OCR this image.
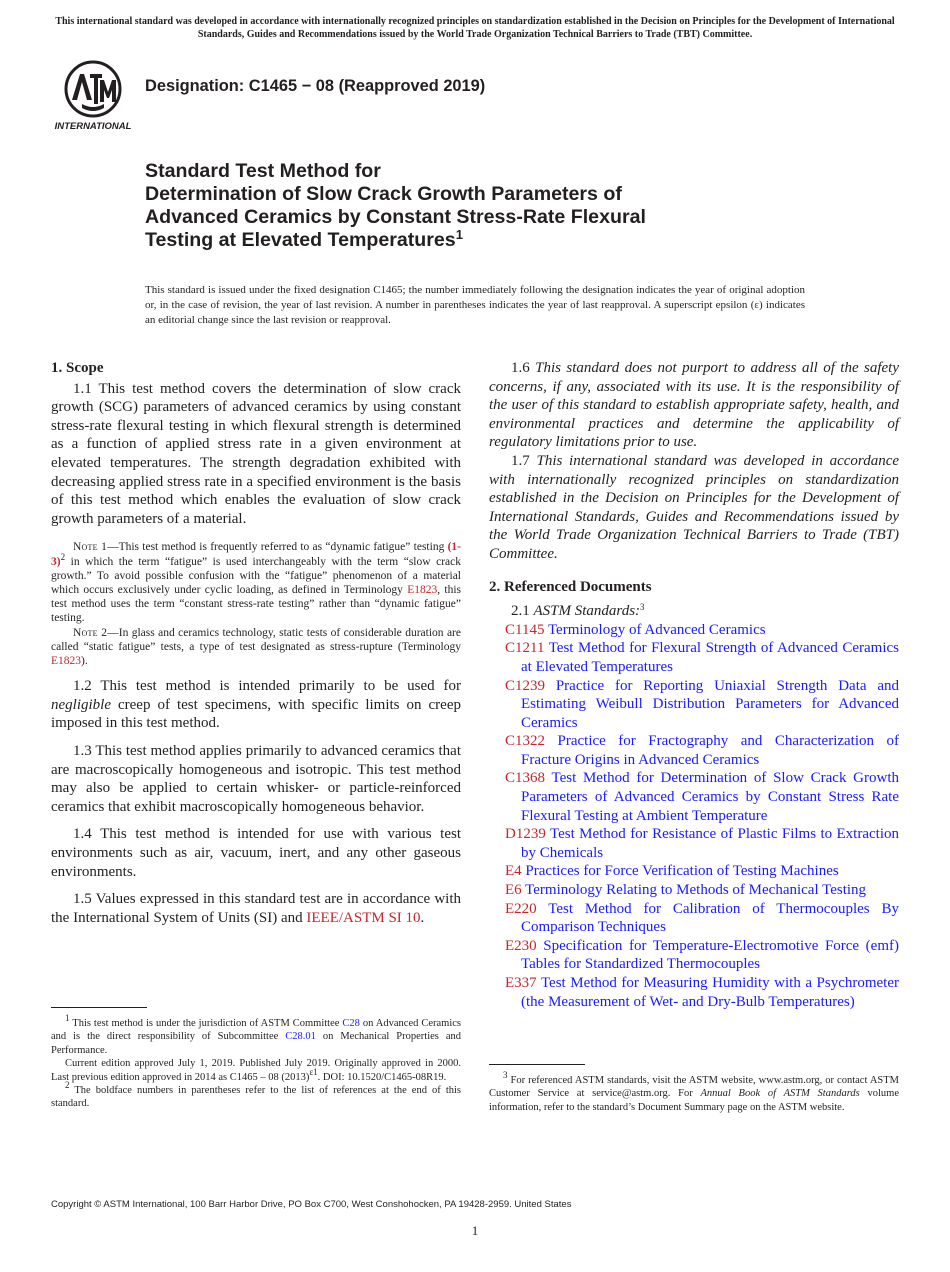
This international standard was developed in accordance with internationally recognized principles on standardization established in the Decision on Principles for the Development of International Standards, Guides and Recommendations issued by the World Trade Organization Technical Barriers to Trade (TBT) Committee.
INTERNATIONAL
Designation: C1465 − 08 (Reapproved 2019)
Standard Test Method for
Determination of Slow Crack Growth Parameters of
Advanced Ceramics by Constant Stress-Rate Flexural
Testing at Elevated Temperatures$^1$
This standard is issued under the fixed designation C1465; the number immediately following the designation indicates the year of original adoption or, in the case of revision, the year of last revision. A number in parentheses indicates the year of last reapproval. A superscript epsilon (ε) indicates an editorial change since the last revision or reapproval.
1. Scope

1.1 This test method covers the determination of slow crack growth (SCG) parameters of advanced ceramics by using constant stress-rate flexural testing in which flexural strength is determined as a function of applied stress rate in a given environment at elevated temperatures. The strength degradation exhibited with decreasing applied stress rate in a specified environment is the basis of this test method which enables the evaluation of slow crack growth parameters of a material.

Note 1—This test method is frequently referred to as “dynamic fatigue” testing $(1-3)^2$ in which the term “fatigue” is used interchangeably with the term “slow crack growth.” To avoid possible confusion with the “fatigue” phenomenon of a material which occurs exclusively under cyclic loading, as defined in Terminology E1823, this test method uses the term “constant stress-rate testing” rather than “dynamic fatigue” testing.

Note 2—In glass and ceramics technology, static tests of considerable duration are called “static fatigue” tests, a type of test designated as stress-rupture (Terminology E1823).

1.2 This test method is intended primarily to be used for negligible creep of test specimens, with specific limits on creep imposed in this test method.

1.3 This test method applies primarily to advanced ceramics that are macroscopically homogeneous and isotropic. This test method may also be applied to certain whisker- or particle-reinforced ceramics that exhibit macroscopically homogeneous behavior.

1.4 This test method is intended for use with various test environments such as air, vacuum, inert, and any other gaseous environments.

1.5 Values expressed in this standard test are in accordance with the International System of Units (SI) and IEEE/ASTM SI 10.

1.6 This standard does not purport to address all of the safety concerns, if any, associated with its use. It is the responsibility of the user of this standard to establish appropriate safety, health, and environmental practices and determine the applicability of regulatory limitations prior to use.

1.7 This international standard was developed in accordance with internationally recognized principles on standardization established in the Decision on Principles for the Development of International Standards, Guides and Recommendations issued by the World Trade Organization Technical Barriers to Trade (TBT) Committee.

2. Referenced Documents

2.1 ASTM Standards:$^3$

C1145 Terminology of Advanced Ceramics

C1211 Test Method for Flexural Strength of Advanced Ceramics at Elevated Temperatures

C1239 Practice for Reporting Uniaxial Strength Data and Estimating Weibull Distribution Parameters for Advanced Ceramics

C1322 Practice for Fractography and Characterization of Fracture Origins in Advanced Ceramics

C1368 Test Method for Determination of Slow Crack Growth Parameters of Advanced Ceramics by Constant Stress Rate Flexural Testing at Ambient Temperature

D1239 Test Method for Resistance of Plastic Films to Extraction by Chemicals

E4 Practices for Force Verification of Testing Machines

E6 Terminology Relating to Methods of Mechanical Testing

E220 Test Method for Calibration of Thermocouples By Comparison Techniques

E230 Specification for Temperature-Electromotive Force (emf) Tables for Standardized Thermocouples

E337 Test Method for Measuring Humidity with a Psychrometer (the Measurement of Wet- and Dry-Bulb Temperatures)

$^1$ This test method is under the jurisdiction of ASTM Committee C28 on Advanced Ceramics and is the direct responsibility of Subcommittee C28.01 on Mechanical Properties and Performance.

Current edition approved July 1, 2019. Published July 2019. Originally approved in 2000. Last previous edition approved in 2014 as C1465 – 08 $(2013)^{\varepsilon 1}$. DOI: 10.1520/C1465-08R19.

$^2$ The boldface numbers in parentheses refer to the list of references at the end of this standard.

$^3$ For referenced ASTM standards, visit the ASTM website, www.astm.org, or contact ASTM Customer Service at service@astm.org. For Annual Book of ASTM Standards volume information, refer to the standard’s Document Summary page on the ASTM website.

Copyright © ASTM International, 100 Barr Harbor Drive, PO Box C700, West Conshohocken, PA 19428-2959. United States
1
